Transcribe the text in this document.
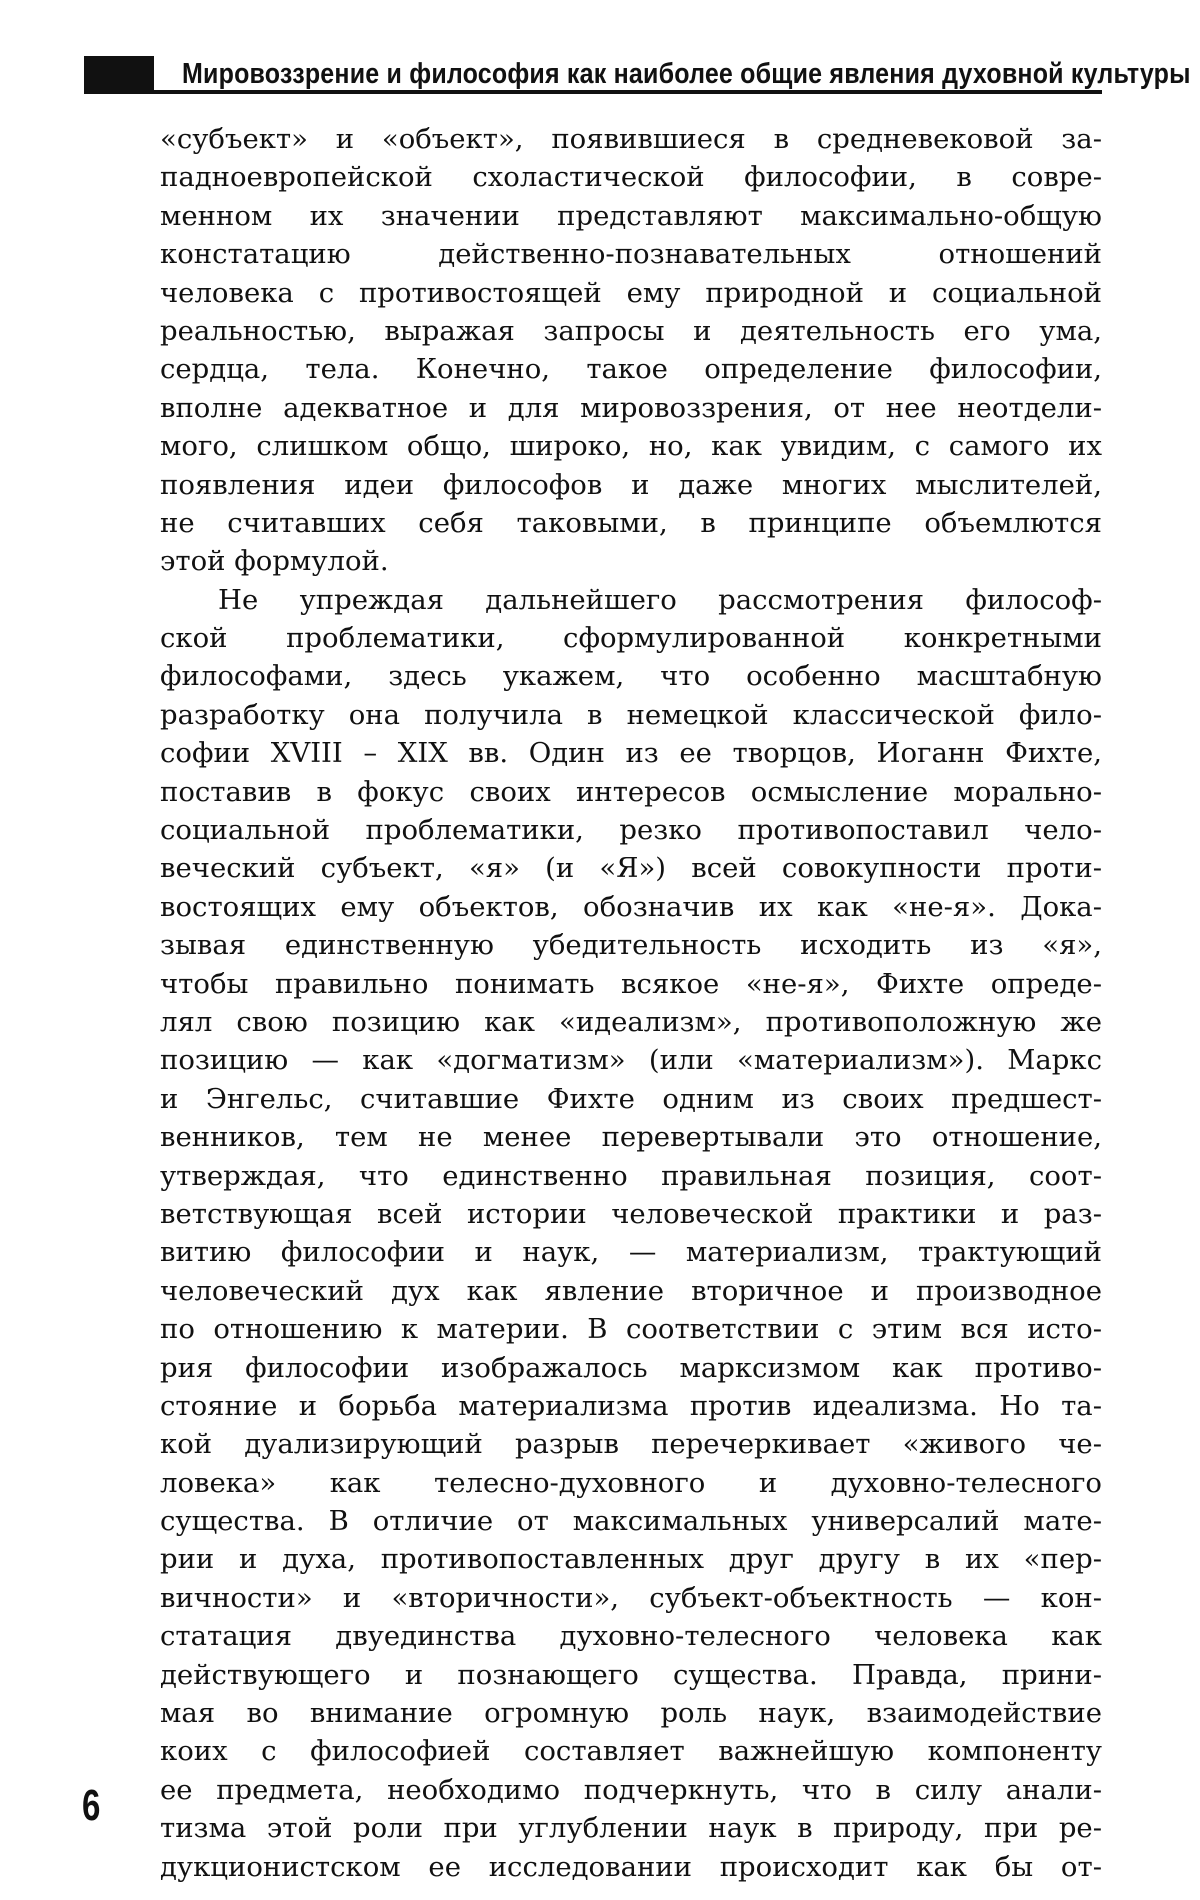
Мировоззрение и философия как наиболее общие явления духовной культуры
«субъект» и «объект», появившиеся в средневековой за-
падноевропейской схоластической философии, в совре-
менном их значении представляют максимально-общую
констатацию действенно-познавательных отношений
человека с противостоящей ему природной и социальной
реальностью, выражая запросы и деятельность его ума,
сердца, тела. Конечно, такое определение философии,
вполне адекватное и для мировоззрения, от нее неотдели-
мого, слишком общо, широко, но, как увидим, с самого их
появления идеи философов и даже многих мыслителей,
не считавших себя таковыми, в принципе объемлются
этой формулой.
Не упреждая дальнейшего рассмотрения философ-
ской проблематики, сформулированной конкретными
философами, здесь укажем, что особенно масштабную
разработку она получила в немецкой классической фило-
софии XVIII – XIX вв. Один из ее творцов, Иоганн Фихте,
поставив в фокус своих интересов осмысление морально-
социальной проблематики, резко противопоставил чело-
веческий субъект, «я» (и «Я») всей совокупности проти-
востоящих ему объектов, обозначив их как «не-я». Дока-
зывая единственную убедительность исходить из «я»,
чтобы правильно понимать всякое «не-я», Фихте опреде-
лял свою позицию как «идеализм», противоположную же
позицию — как «догматизм» (или «материализм»). Маркс
и Энгельс, считавшие Фихте одним из своих предшест-
венников, тем не менее перевертывали это отношение,
утверждая, что единственно правильная позиция, соот-
ветствующая всей истории человеческой практики и раз-
витию философии и наук, — материализм, трактующий
человеческий дух как явление вторичное и производное
по отношению к материи. В соответствии с этим вся исто-
рия философии изображалось марксизмом как противо-
стояние и борьба материализма против идеализма. Но та-
кой дуализирующий разрыв перечеркивает «живого че-
ловека» как телесно-духовного и духовно-телесного
существа. В отличие от максимальных универсалий мате-
рии и духа, противопоставленных друг другу в их «пер-
вичности» и «вторичности», субъект-объектность — кон-
статация двуединства духовно-телесного человека как
действующего и познающего существа. Правда, прини-
мая во внимание огромную роль наук, взаимодействие
коих с философией составляет важнейшую компоненту
ее предмета, необходимо подчеркнуть, что в силу анали-
тизма этой роли при углублении наук в природу, при ре-
дукционистском ее исследовании происходит как бы от-
6
